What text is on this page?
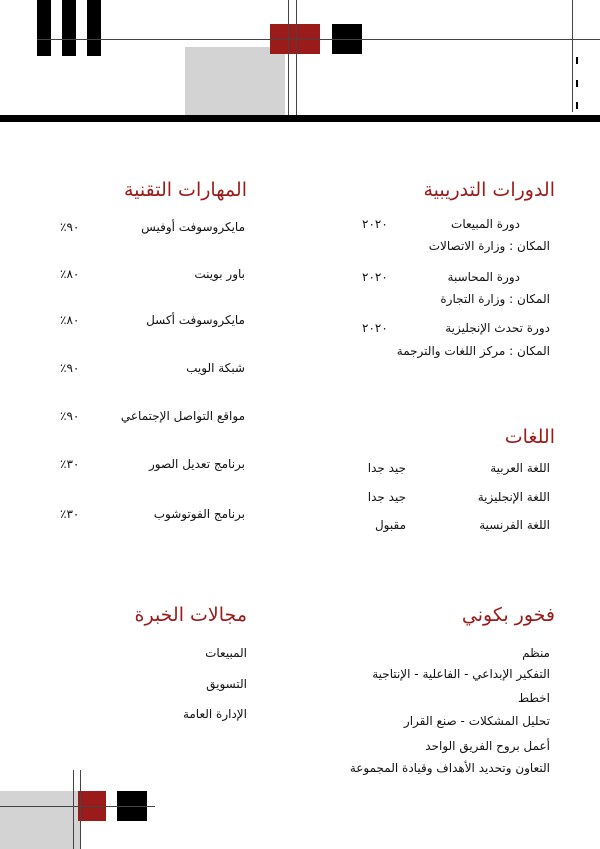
الدورات التدريبية
دورة المبيعات
٢٠٢٠
المكان : وزارة الاتصالات
دورة المحاسبة
٢٠٢٠
المكان : وزارة التجارة
دورة تحدث الإنجليزية
٢٠٢٠
المكان : مركز اللغات والترجمة
المهارات التقنية
مايكروسوفت أوفيس
٩٠٪
باور بوينت
٨٠٪
مايكروسوفت أكسل
٨٠٪
شبكة الويب
٩٠٪
مواقع التواصل الإجتماعي
٩٠٪
برنامج تعديل الصور
٣٠٪
برنامج الفوتوشوب
٣٠٪
اللغات
اللغة العربية
جيد جدا
اللغة الإنجليزية
جيد جدا
اللغة الفرنسية
مقبول
فخور بكوني
منظم
التفكير الإبداعي - الفاعلية - الإنتاجية
اخطط
تحليل المشكلات - صنع القرار
أعمل بروح الفريق الواحد
التعاون وتحديد الأهداف وقيادة المجموعة
مجالات الخبرة
المبيعات
التسويق
الإدارة العامة
